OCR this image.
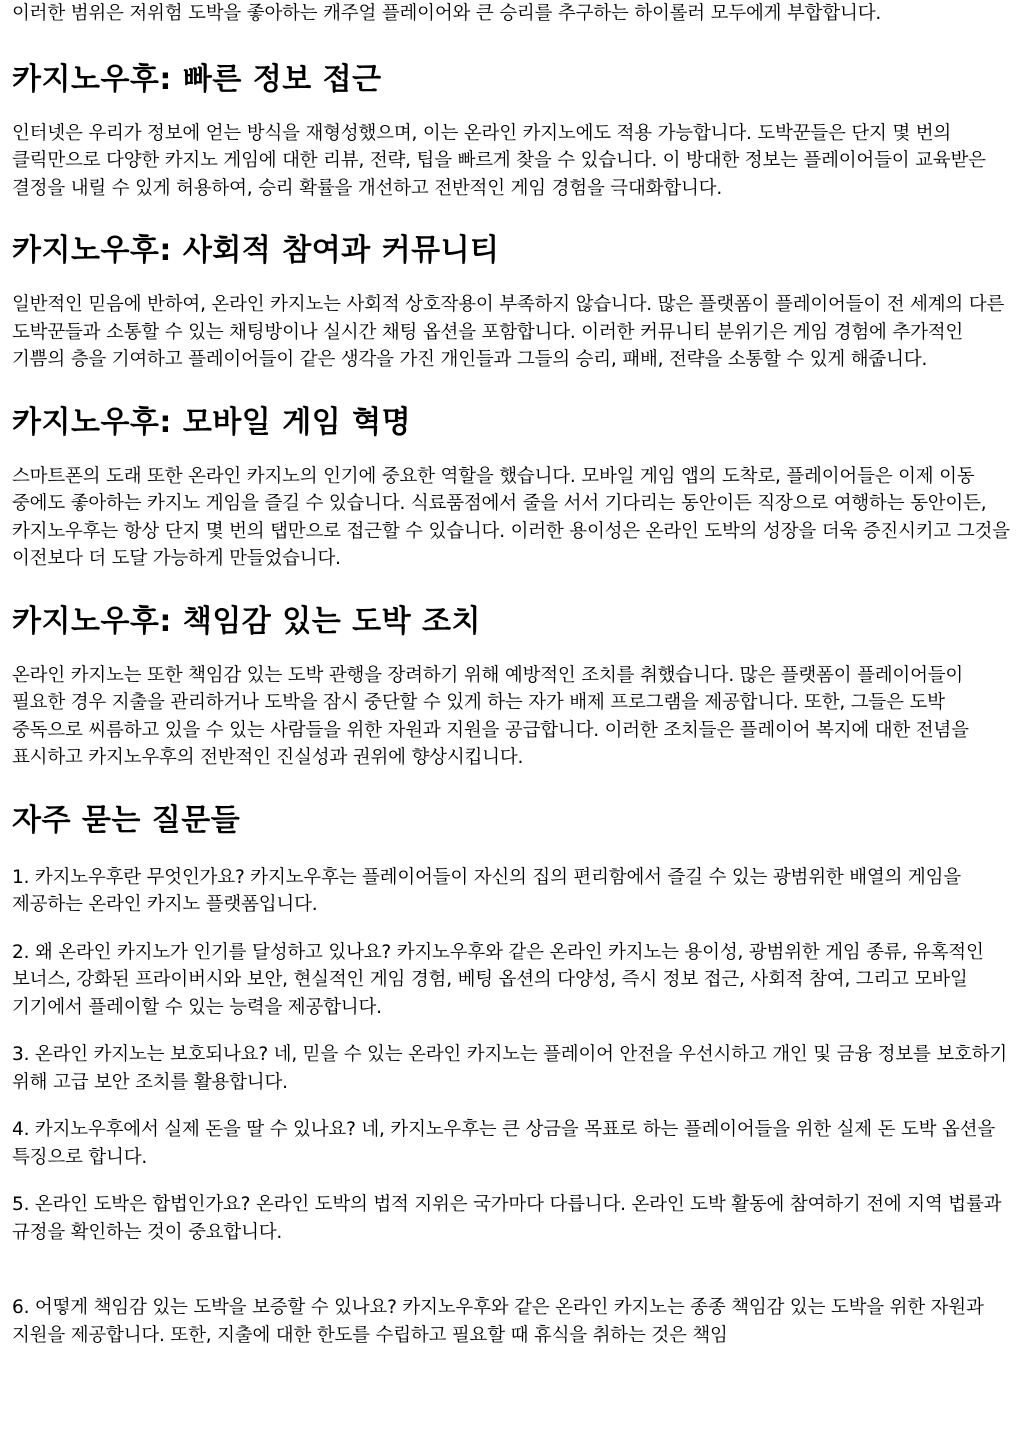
이러한 범위은 저위험 도박을 좋아하는 캐주얼 플레이어와 큰 승리를 추구하는 하이롤러 모두에게 부합합니다.

카지노우후: 빠른 정보 접근

인터넷은 우리가 정보에 얻는 방식을 재형성했으며, 이는 온라인 카지노에도 적용 가능합니다. 도박꾼들은 단지 몇 번의 클릭만으로 다양한 카지노 게임에 대한 리뷰, 전략, 팁을 빠르게 찾을 수 있습니다. 이 방대한 정보는 플레이어들이 교육받은 결정을 내릴 수 있게 허용하여, 승리 확률을 개선하고 전반적인 게임 경험을 극대화합니다.

카지노우후: 사회적 참여과 커뮤니티

일반적인 믿음에 반하여, 온라인 카지노는 사회적 상호작용이 부족하지 않습니다. 많은 플랫폼이 플레이어들이 전 세계의 다른 도박꾼들과 소통할 수 있는 채팅방이나 실시간 채팅 옵션을 포함합니다. 이러한 커뮤니티 분위기은 게임 경험에 추가적인 기쁨의 층을 기여하고 플레이어들이 같은 생각을 가진 개인들과 그들의 승리, 패배, 전략을 소통할 수 있게 해줍니다.

카지노우후: 모바일 게임 혁명

스마트폰의 도래 또한 온라인 카지노의 인기에 중요한 역할을 했습니다. 모바일 게임 앱의 도착로, 플레이어들은 이제 이동 중에도 좋아하는 카지노 게임을 즐길 수 있습니다. 식료품점에서 줄을 서서 기다리는 동안이든 직장으로 여행하는 동안이든, 카지노우후는 항상 단지 몇 번의 탭만으로 접근할 수 있습니다. 이러한 용이성은 온라인 도박의 성장을 더욱 증진시키고 그것을 이전보다 더 도달 가능하게 만들었습니다.

카지노우후: 책임감 있는 도박 조치

온라인 카지노는 또한 책임감 있는 도박 관행을 장려하기 위해 예방적인 조치를 취했습니다. 많은 플랫폼이 플레이어들이 필요한 경우 지출을 관리하거나 도박을 잠시 중단할 수 있게 하는 자가 배제 프로그램을 제공합니다. 또한, 그들은 도박 중독으로 씨름하고 있을 수 있는 사람들을 위한 자원과 지원을 공급합니다. 이러한 조치들은 플레이어 복지에 대한 전념을 표시하고 카지노우후의 전반적인 진실성과 권위에 향상시킵니다.

자주 묻는 질문들

1. 카지노우후란 무엇인가요? 카지노우후는 플레이어들이 자신의 집의 편리함에서 즐길 수 있는 광범위한 배열의 게임을 제공하는 온라인 카지노 플랫폼입니다.

2. 왜 온라인 카지노가 인기를 달성하고 있나요? 카지노우후와 같은 온라인 카지노는 용이성, 광범위한 게임 종류, 유혹적인 보너스, 강화된 프라이버시와 보안, 현실적인 게임 경험, 베팅 옵션의 다양성, 즉시 정보 접근, 사회적 참여, 그리고 모바일 기기에서 플레이할 수 있는 능력을 제공합니다.

3. 온라인 카지노는 보호되나요? 네, 믿을 수 있는 온라인 카지노는 플레이어 안전을 우선시하고 개인 및 금융 정보를 보호하기 위해 고급 보안 조치를 활용합니다.

4. 카지노우후에서 실제 돈을 딸 수 있나요? 네, 카지노우후는 큰 상금을 목표로 하는 플레이어들을 위한 실제 돈 도박 옵션을 특징으로 합니다.

5. 온라인 도박은 합법인가요? 온라인 도박의 법적 지위은 국가마다 다릅니다. 온라인 도박 활동에 참여하기 전에 지역 법률과 규정을 확인하는 것이 중요합니다.

6. 어떻게 책임감 있는 도박을 보증할 수 있나요? 카지노우후와 같은 온라인 카지노는 종종 책임감 있는 도박을 위한 자원과 지원을 제공합니다. 또한, 지출에 대한 한도를 수립하고 필요할 때 휴식을 취하는 것은 책임
